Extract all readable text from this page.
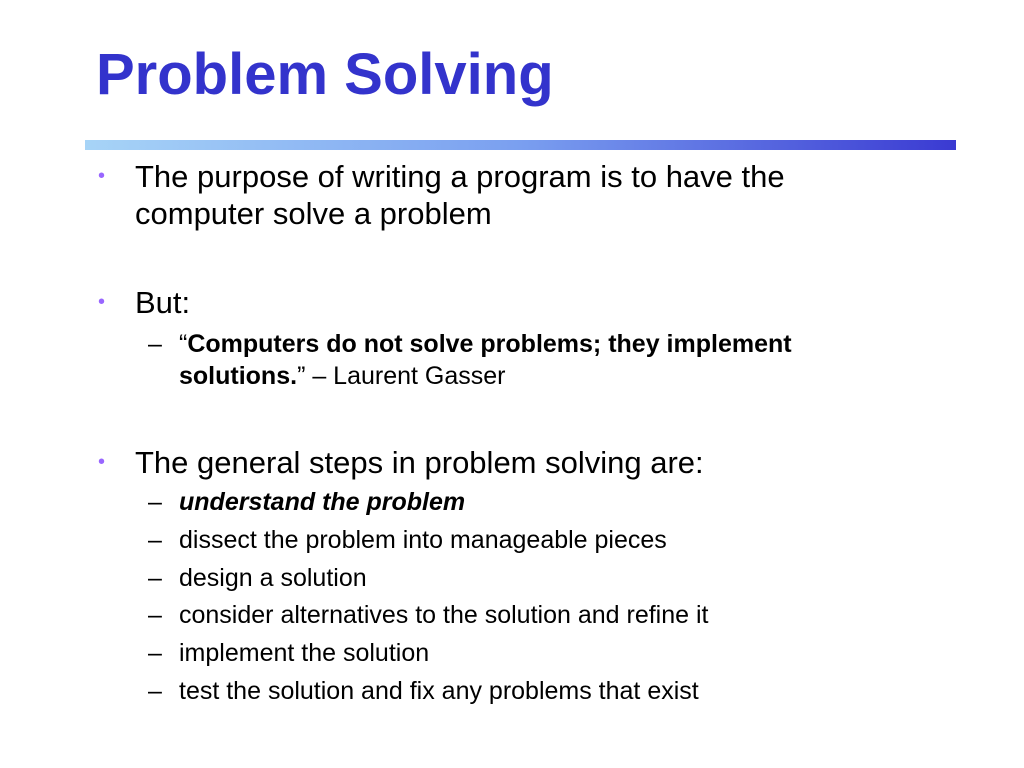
Problem Solving
• The purpose of writing a program is to have the
computer solve a problem
• But:
– “Computers do not solve problems; they implement
solutions.” – Laurent Gasser
• The general steps in problem solving are:
– understand the problem
– dissect the problem into manageable pieces
– design a solution
– consider alternatives to the solution and refine it
– implement the solution
– test the solution and fix any problems that exist
